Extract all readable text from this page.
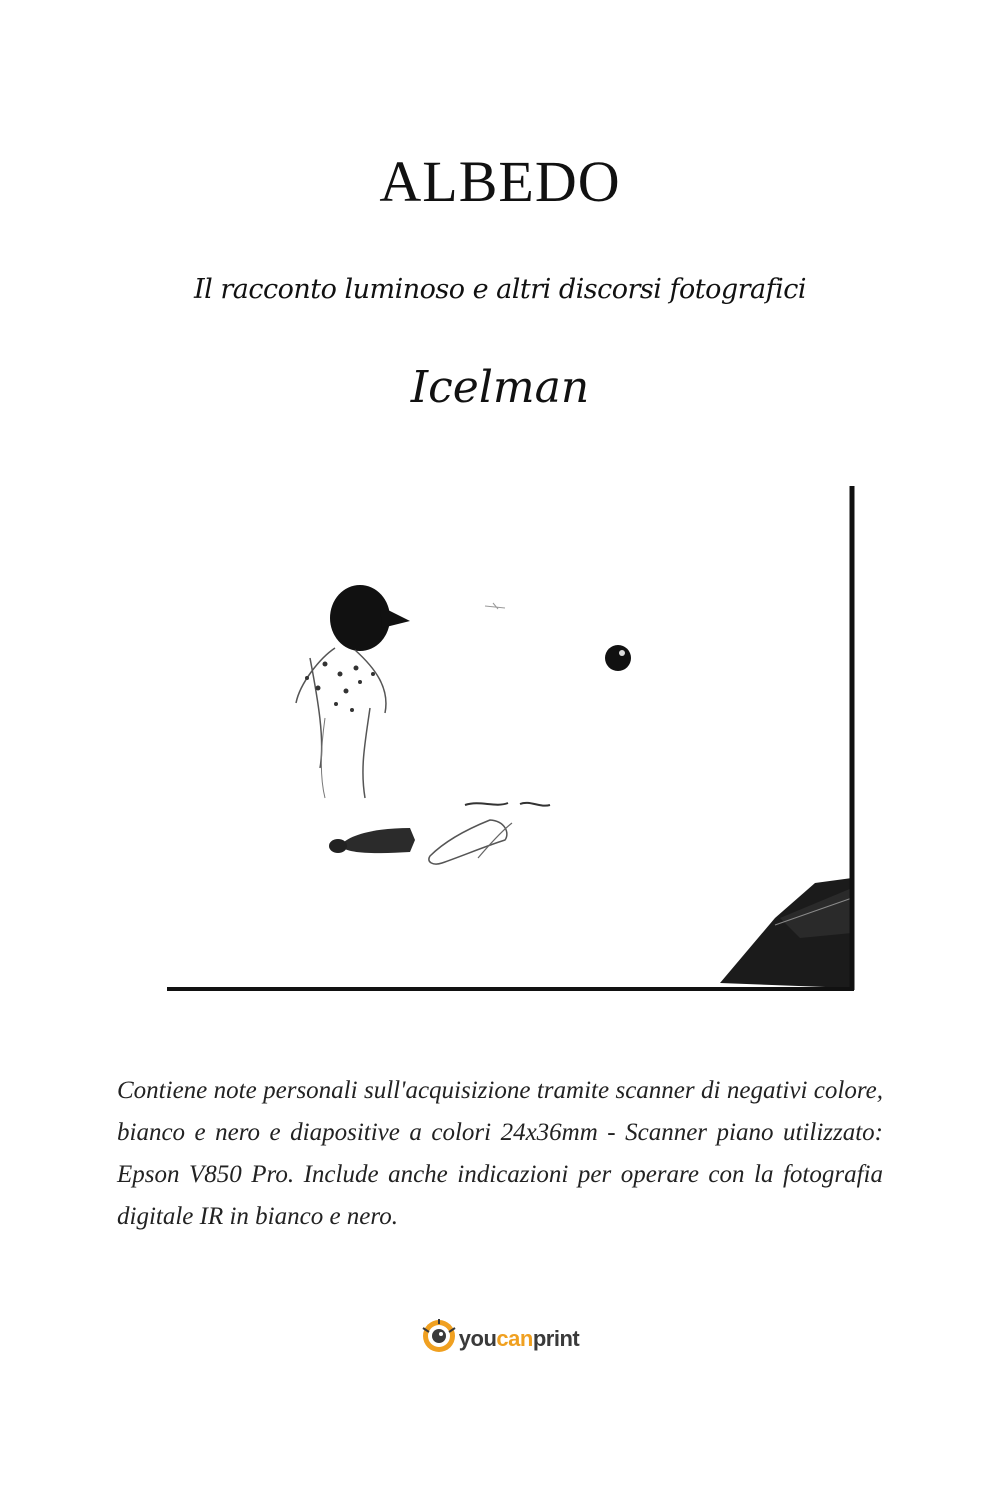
ALBEDO
Il racconto luminoso e altri discorsi fotografici
Icelman
Contiene note personali sull'acquisizione tramite scanner di negativi colore, bianco e nero e diapositive a colori 24x36mm - Scanner piano utilizzato: Epson V850 Pro. Include anche indicazioni per operare con la fotografia digitale IR in bianco e nero.
youcanprint
